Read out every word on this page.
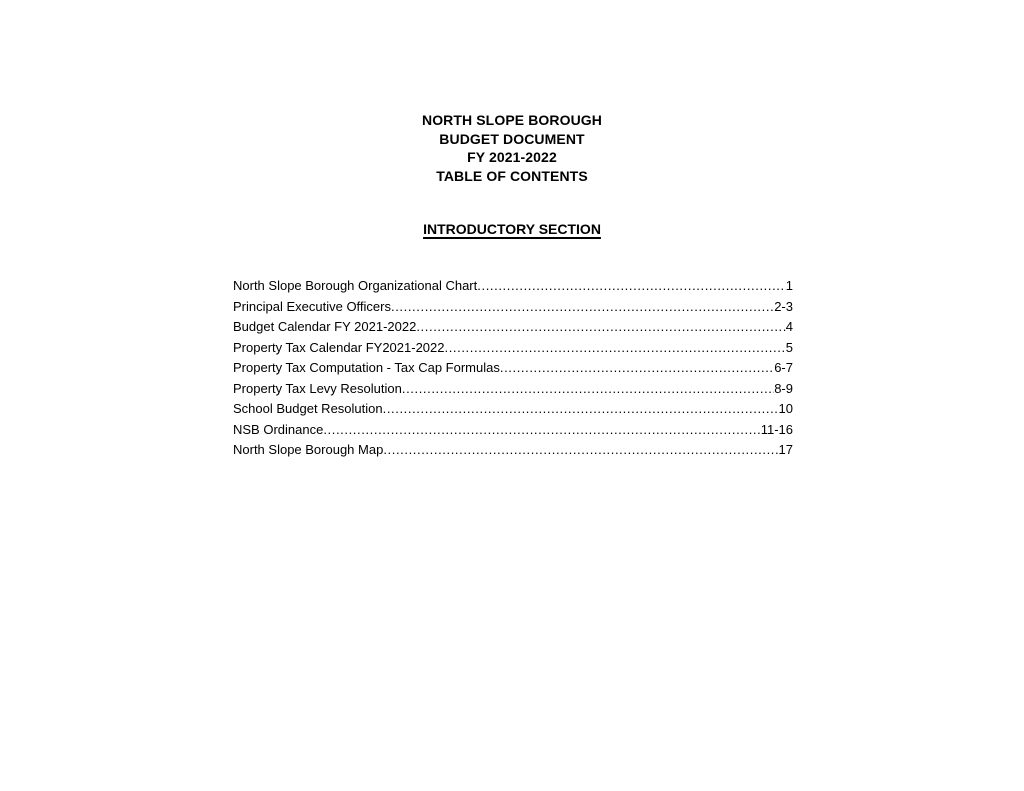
NORTH SLOPE BOROUGH
BUDGET DOCUMENT
FY 2021-2022
TABLE OF CONTENTS
INTRODUCTORY SECTION
North Slope Borough Organizational Chart .....	1
Principal Executive Officers .....	2-3
Budget Calendar FY 2021-2022 .....	4
Property Tax Calendar FY2021-2022 .....	5
Property Tax Computation - Tax Cap Formulas .....	6-7
Property Tax Levy Resolution .....	8-9
School Budget Resolution .....	10
NSB Ordinance .....	11-16
North Slope Borough Map .....	17
